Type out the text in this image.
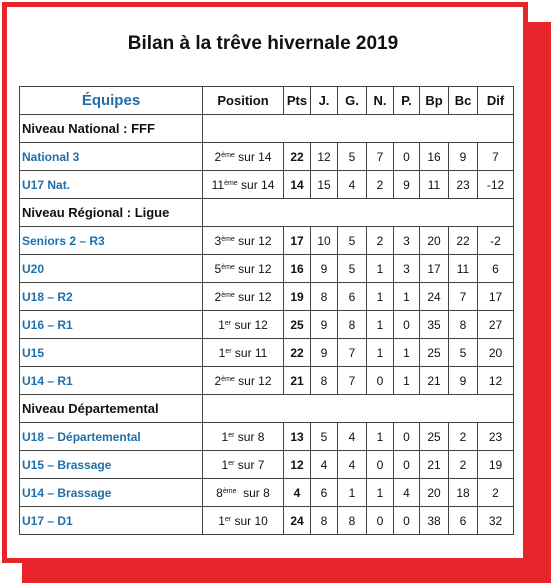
Bilan à la trêve hivernale 2019
Équipes	Position	Pts	J.	G.	N.	P.	Bp	Bc	Dif
Niveau National : FFF									
National 3	2ème sur 14	22	12	5	7	0	16	9	7
U17 Nat.	11ème sur 14	14	15	4	2	9	11	23	-12
Niveau Régional : Ligue									
Seniors 2 – R3	3ème sur 12	17	10	5	2	3	20	22	-2
U20	5ème sur 12	16	9	5	1	3	17	11	6
U18 – R2	2ème sur 12	19	8	6	1	1	24	7	17
U16 – R1	1er sur 12	25	9	8	1	0	35	8	27
U15	1er sur 11	22	9	7	1	1	25	5	20
U14 – R1	2ème sur 12	21	8	7	0	1	21	9	12
Niveau Départemental									
U18 – Départemental	1er sur 8	13	5	4	1	0	25	2	23
U15 – Brassage	1er sur 7	12	4	4	0	0	21	2	19
U14 – Brassage	8ème  sur 8	4	6	1	1	4	20	18	2
U17 – D1	1er sur 10	24	8	8	0	0	38	6	32
